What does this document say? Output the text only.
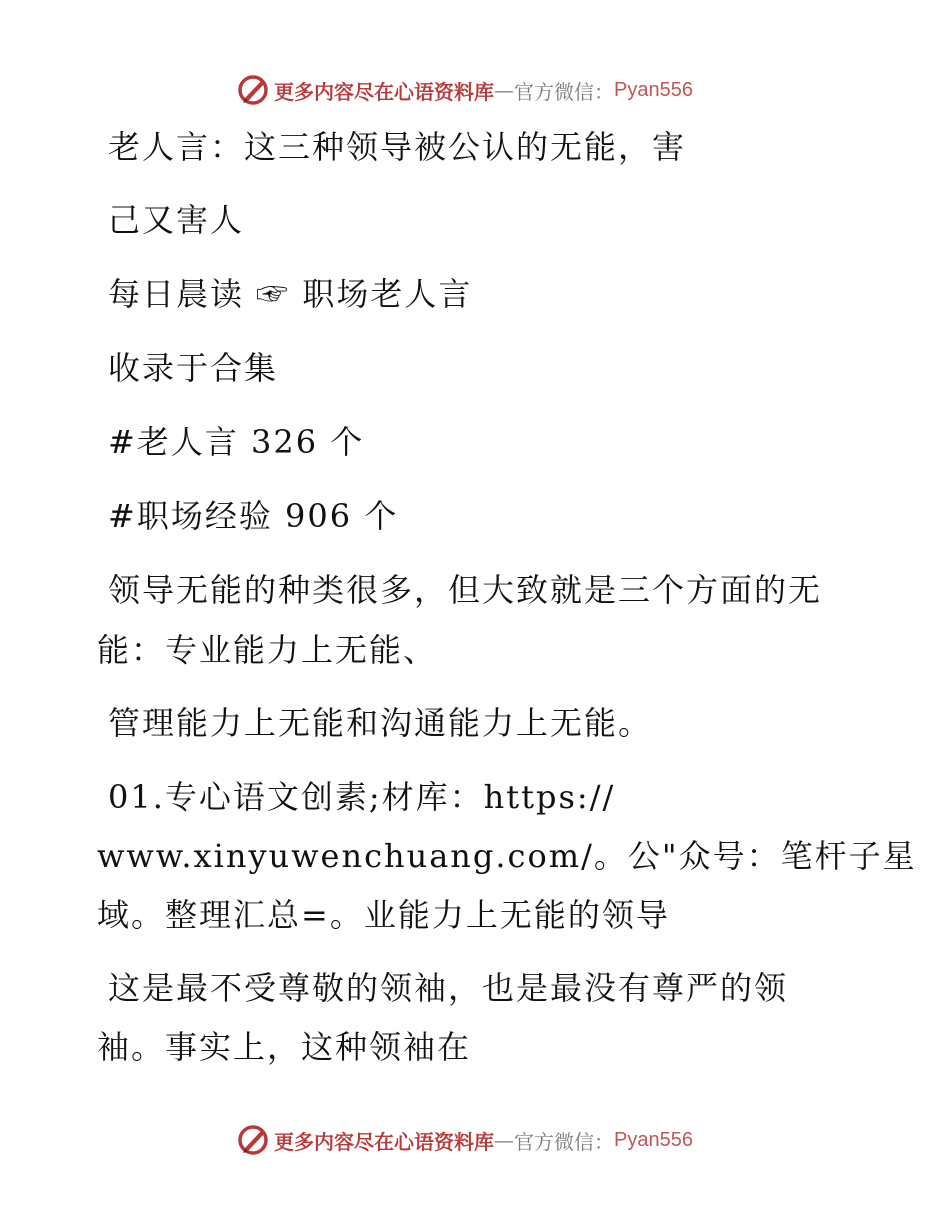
更多内容尽在心语资料库 — 官方微信： Pyan556

老人言：这三种领导被公认的无能，害

己又害人

每日晨读 ☞ 职场老人言

收录于合集

#老人言 326 个

#职场经验 906 个

领导无能的种类很多，但大致就是三个方面的无

能：专业能力上无能、

管理能力上无能和沟通能力上无能。

01.专心语文创素;材库：https://

www.xinyuwenchuang.com/。公"众号：笔杆子星

域。整理汇总=。业能力上无能的领导

这是最不受尊敬的领袖，也是最没有尊严的领

袖。事实上，这种领袖在

更多内容尽在心语资料库 — 官方微信： Pyan556
